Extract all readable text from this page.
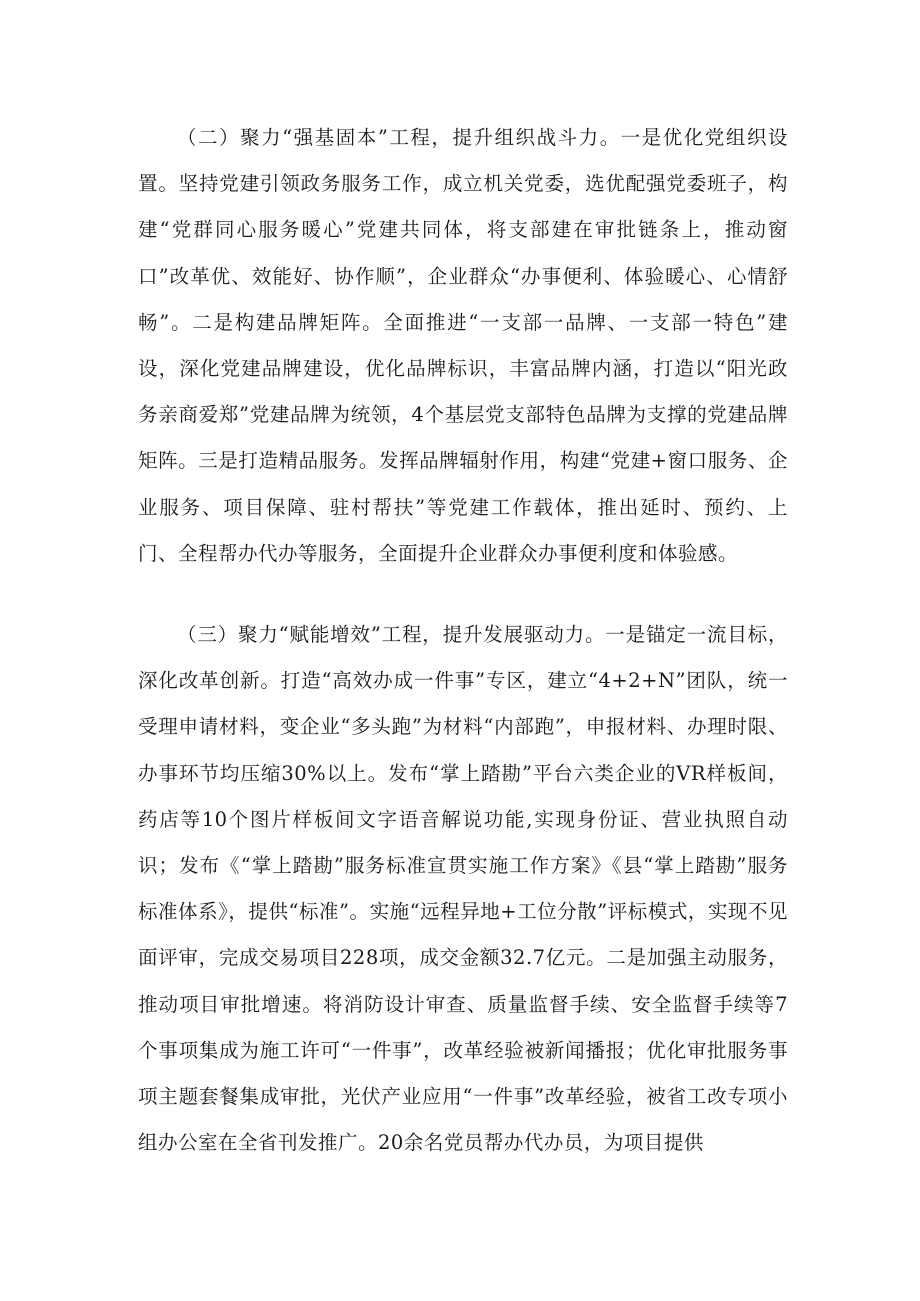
（二）聚力“强基固本”工程，提升组织战斗力。一是优化党组织设置。坚持党建引领政务服务工作，成立机关党委，选优配强党委班子，构建“党群同心服务暖心”党建共同体，将支部建在审批链条上，推动窗口”改革优、效能好、协作顺”，企业群众“办事便利、体验暖心、心情舒畅”。二是构建品牌矩阵。全面推进“一支部一品牌、一支部一特色”建设，深化党建品牌建设，优化品牌标识，丰富品牌内涵，打造以“阳光政务亲商爱郑”党建品牌为统领，4个基层党支部特色品牌为支撑的党建品牌矩阵。三是打造精品服务。发挥品牌辐射作用，构建“党建+窗口服务、企业服务、项目保障、驻村帮扶”等党建工作载体，推出延时、预约、上门、全程帮办代办等服务，全面提升企业群众办事便利度和体验感。

（三）聚力“赋能增效”工程，提升发展驱动力。一是锚定一流目标，深化改革创新。打造“高效办成一件事”专区，建立“4+2+N”团队，统一受理申请材料，变企业“多头跑”为材料“内部跑”，申报材料、办理时限、办事环节均压缩30%以上。发布“掌上踏勘”平台六类企业的VR样板间，药店等10个图片样板间文字语音解说功能,实现身份证、营业执照自动识；发布《“掌上踏勘”服务标准宣贯实施工作方案》《县“掌上踏勘”服务标准体系》，提供“标准”。实施“远程异地+工位分散”评标模式，实现不见面评审，完成交易项目228项，成交金额32.7亿元。二是加强主动服务，推动项目审批增速。将消防设计审查、质量监督手续、安全监督手续等7个事项集成为施工许可“一件事”，改革经验被新闻播报；优化审批服务事项主题套餐集成审批，光伏产业应用“一件事”改革经验，被省工改专项小组办公室在全省刊发推广。20余名党员帮办代办员，为项目提供
